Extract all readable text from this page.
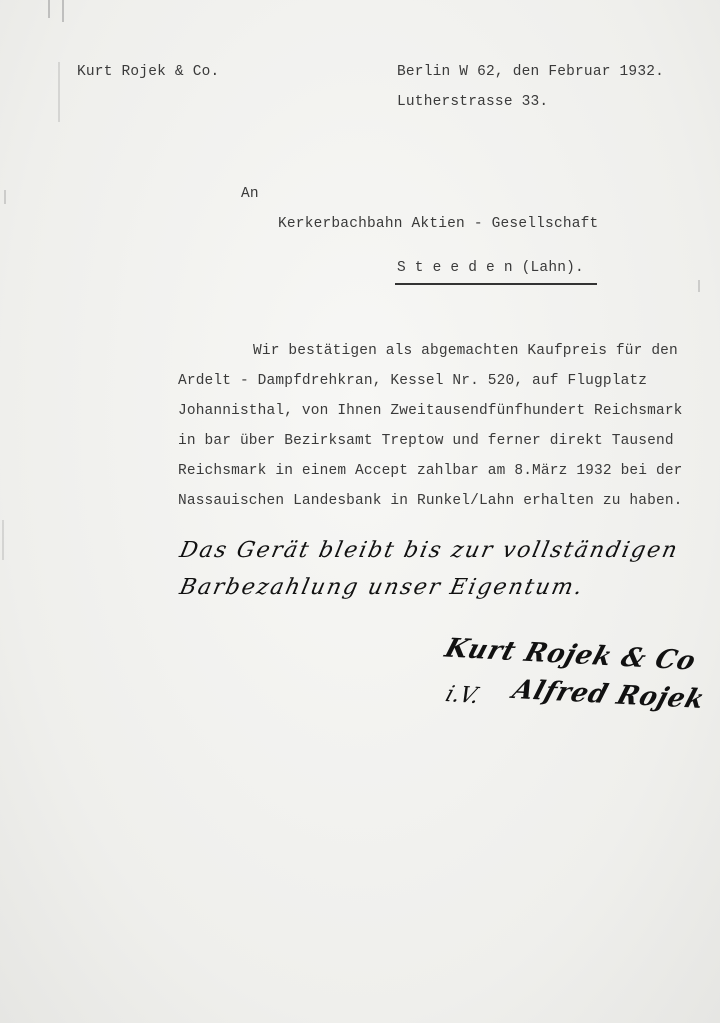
Kurt Rojek & Co.	Berlin W 62, den Februar 1932.
Lutherstrasse 33.
An
Kerkerbachbahn Aktien - Gesellschaft
S t e e d e n (Lahn).
Wir bestätigen als abgemachten Kaufpreis für den
Ardelt - Dampfdrehkran, Kessel Nr. 520, auf Flugplatz
Johannisthal, von Ihnen Zweitausendfünfhundert Reichsmark
in bar über Bezirksamt Treptow und ferner direkt Tausend
Reichsmark in einem Accept zahlbar am 8.März 1932 bei der
Nassauischen Landesbank in Runkel/Lahn erhalten zu haben.
Das Gerät bleibt bis zur vollständigen
Barbezahlung unser Eigentum.
Kurt Rojek & Co
i.V. Alfred Rojek
